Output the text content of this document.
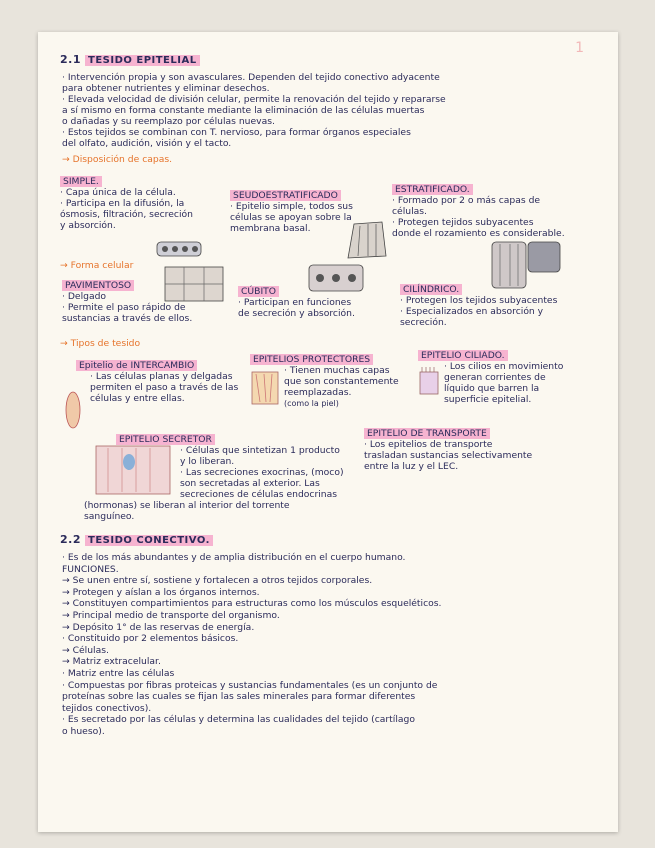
1
2.1 TESIDO EPITELIAL
· Intervención propia y son avasculares. Dependen del tejido conectivo adyacente
para obtener nutrientes y eliminar desechos.
· Elevada velocidad de división celular, permite la renovación del tejido y repararse
a sí mismo en forma constante mediante la eliminación de las células muertas
o dañadas y su reemplazo por células nuevas.
· Estos tejidos se combinan con T. nervioso, para formar órganos especiales
del olfato, audición, visión y el tacto.
→ Disposición de capas.
SIMPLE.
· Capa única de la célula.
· Participa en la difusión, la
ósmosis, filtración, secreción
y absorción.
SEUDOESTRATIFICADO
· Epitelio simple, todos sus
células se apoyan sobre la
membrana basal.
ESTRATIFICADO.
· Formado por 2 o más capas de
células.
· Protegen tejidos subyacentes
donde el rozamiento es considerable.
→ Forma celular
PAVIMENTOSO
· Delgado
· Permite el paso rápido de
sustancias a través de ellos.
CÚBITO
· Participan en funciones
de secreción y absorción.
CILÍNDRICO.
· Protegen los tejidos subyacentes
· Especializados en absorción y
secreción.
→ Tipos de tesido
Epitelio de INTERCAMBIO
· Las células planas y delgadas
permiten el paso a través de las
células y entre ellas.
EPITELIOS PROTECTORES
· Tienen muchas capas
que son constantemente
reemplazadas.
(como la piel)
EPITELIO CILIADO.
· Los cilios en movimiento
generan corrientes de
líquido que barren la
superficie epitelial.
EPITELIO SECRETOR
· Células que sintetizan 1 producto
y lo liberan.
· Las secreciones exocrinas, (moco)
son secretadas al exterior. Las
secreciones de células endocrinas
(hormonas) se liberan al interior del torrente
sanguíneo.
EPITELIO DE TRANSPORTE
· Los epitelios de transporte
trasladan sustancias selectivamente
entre la luz y el LEC.
2.2 TESIDO CONECTIVO.
· Es de los más abundantes y de amplia distribución en el cuerpo humano.
FUNCIONES.
→ Se unen entre sí, sostiene y fortalecen a otros tejidos corporales.
→ Protegen y aíslan a los órganos internos.
→ Constituyen compartimientos para estructuras como los músculos esqueléticos.
→ Principal medio de transporte del organismo.
→ Depósito 1° de las reservas de energía.
· Constituido por 2 elementos básicos.
→ Células.
→ Matriz extracelular.
· Matriz entre las células
· Compuestas por fibras proteicas y sustancias fundamentales (es un conjunto de
proteínas sobre las cuales se fijan las sales minerales para formar diferentes
tejidos conectivos).
· Es secretado por las células y determina las cualidades del tejido (cartílago
o hueso).
